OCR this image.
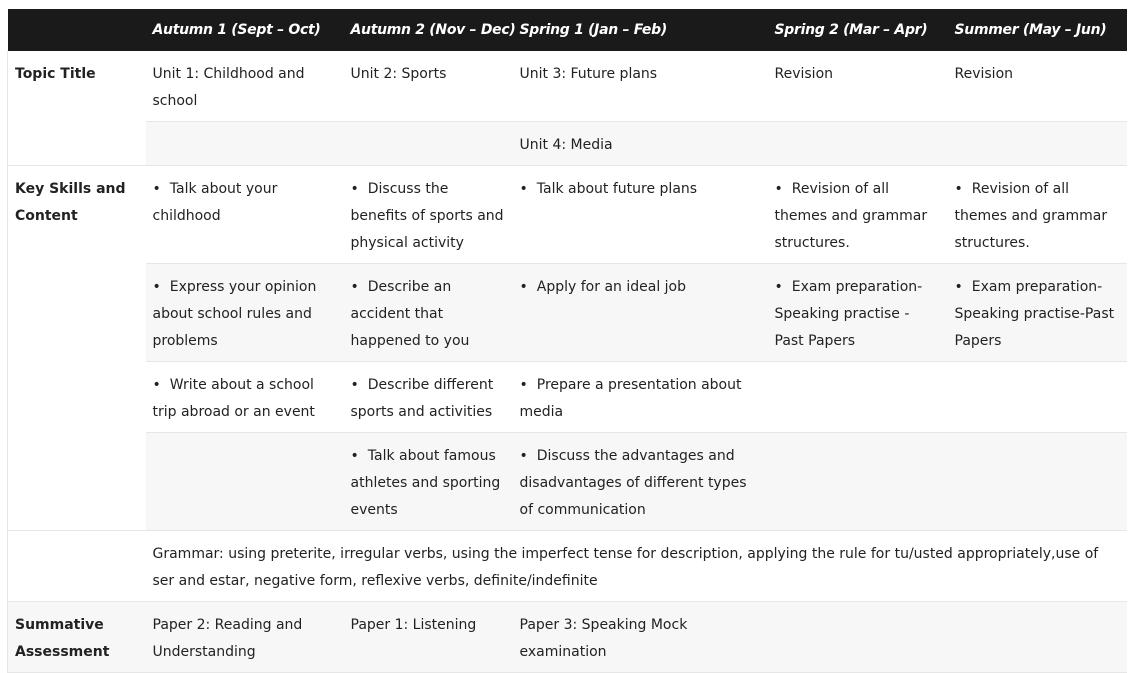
	Autumn 1 (Sept – Oct)	Autumn 2 (Nov – Dec)	Spring 1 (Jan – Feb)	Spring 2 (Mar – Apr)	Summer (May – Jun)
Topic Title	Unit 1: Childhood and school	Unit 2: Sports	Unit 3: Future plans	Revision	Revision
			Unit 4: Media		
Key Skills and Content	• Talk about your childhood	• Discuss the benefits of sports and physical activity	• Talk about future plans	• Revision of all themes and grammar structures.	• Revision of all themes and grammar structures.
	• Express your opinion about school rules and problems	• Describe an accident that happened to you	• Apply for an ideal job	• Exam preparation-Speaking practise - Past Papers	• Exam preparation-Speaking practise-Past Papers
	• Write about a school trip abroad or an event	• Describe different sports and activities	• Prepare a presentation about media		
		• Talk about famous athletes and sporting events	• Discuss the advantages and disadvantages of different types of communication		
	Grammar: using preterite, irregular verbs, using the imperfect tense for description, applying the rule for tu/usted appropriately,use of ser and estar, negative form, reflexive verbs, definite/indefinite				
Summative Assessment	Paper 2: Reading and Understanding	Paper 1: Listening	Paper 3: Speaking Mock examination		
